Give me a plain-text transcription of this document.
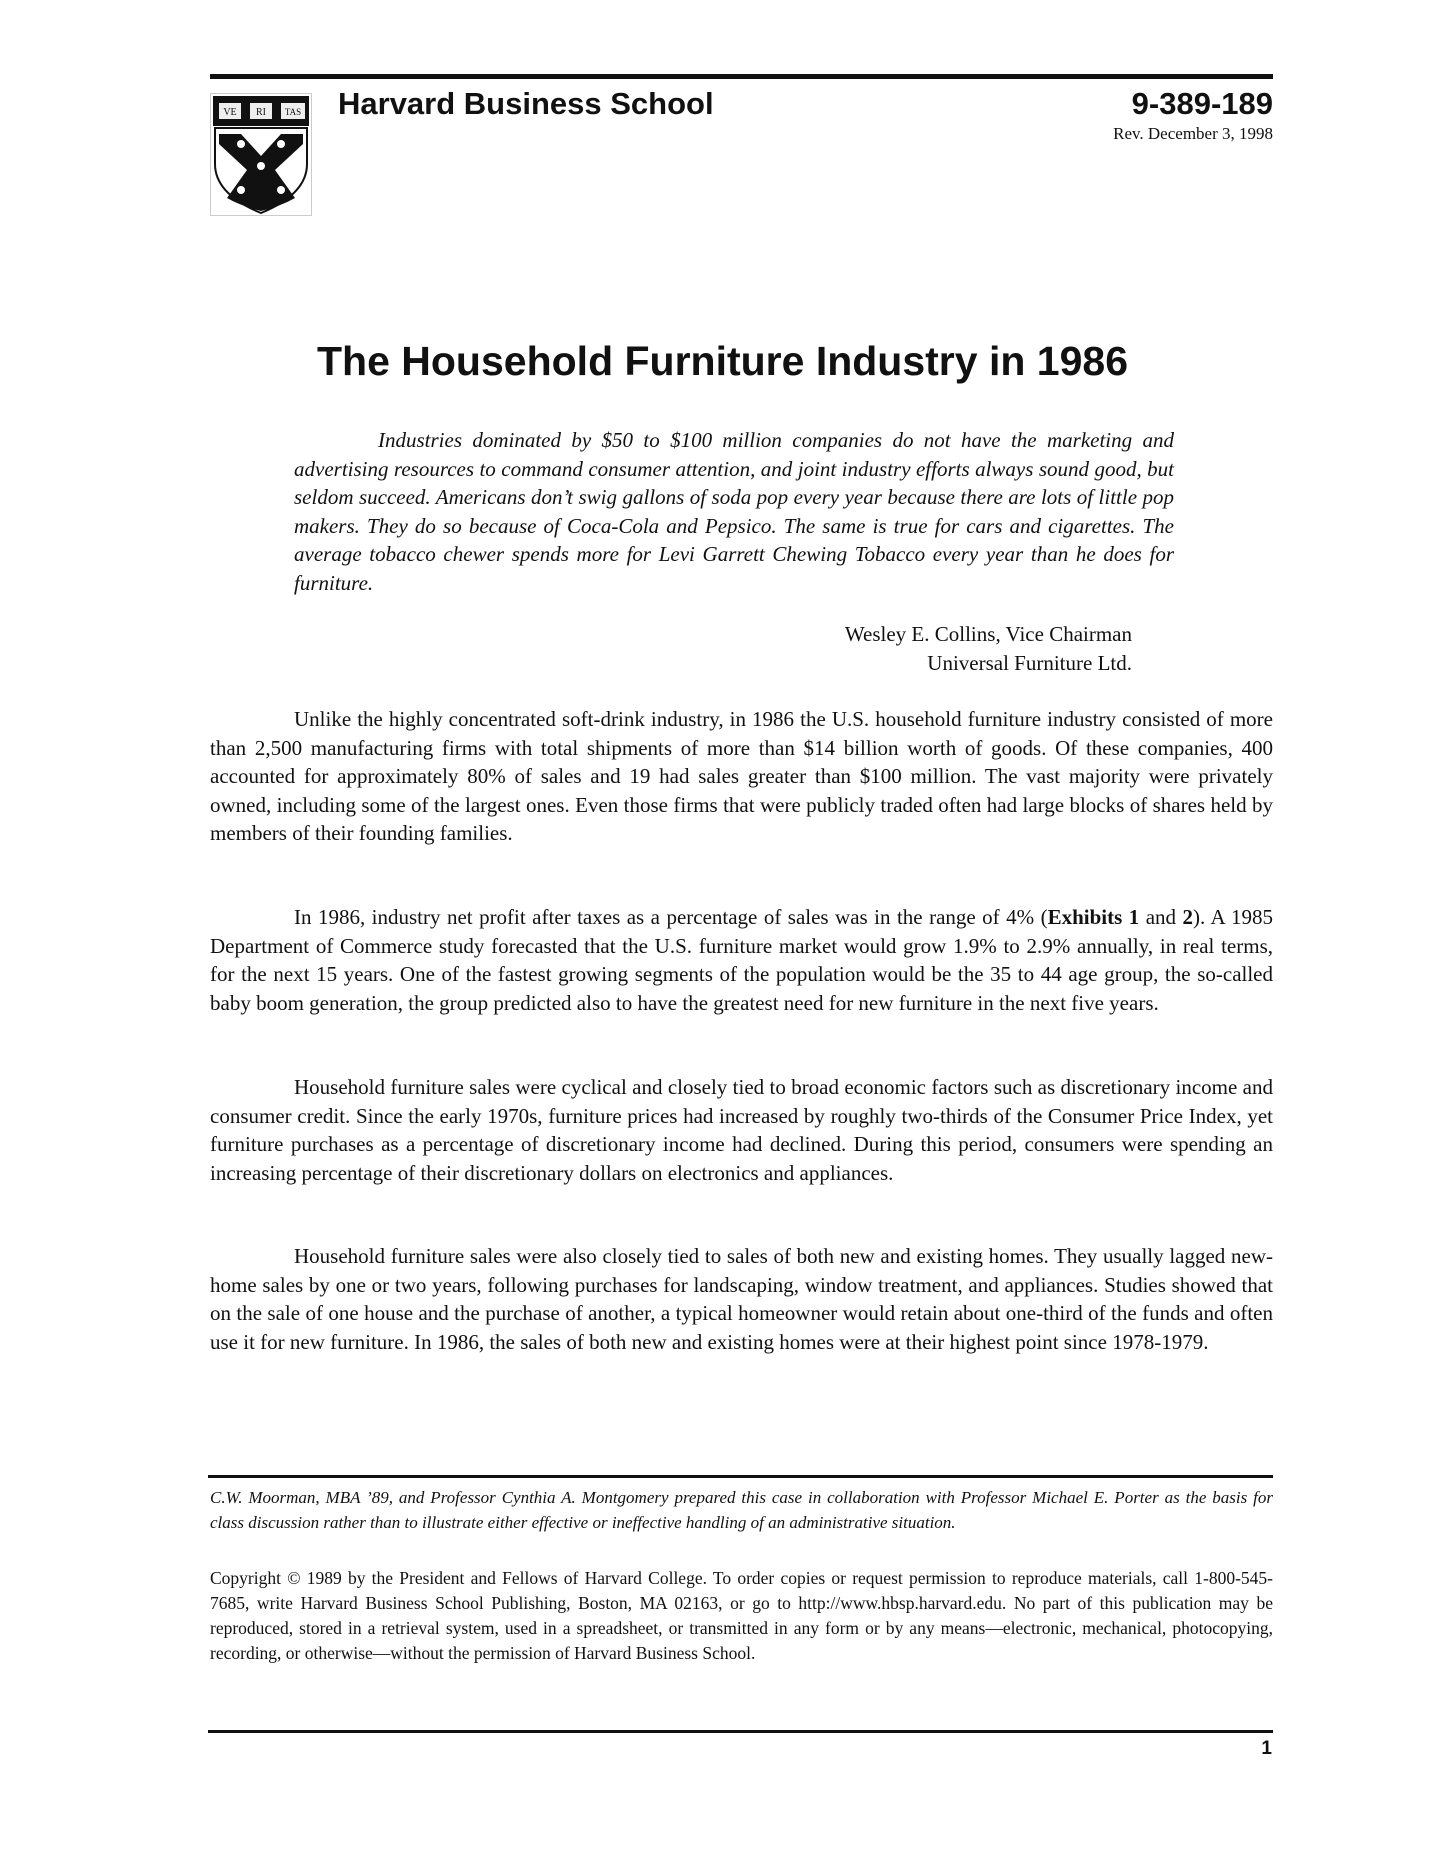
VE RI TAS Harvard Business School	9-389-189
Rev. December 3, 1998
The Household Furniture Industry in 1986
Industries dominated by $50 to $100 million companies do not have the marketing and advertising resources to command consumer attention, and joint industry efforts always sound good, but seldom succeed. Americans don’t swig gallons of soda pop every year because there are lots of little pop makers. They do so because of Coca-Cola and Pepsico. The same is true for cars and cigarettes. The average tobacco chewer spends more for Levi Garrett Chewing Tobacco every year than he does for furniture.
Wesley E. Collins, Vice Chairman
Universal Furniture Ltd.
Unlike the highly concentrated soft-drink industry, in 1986 the U.S. household furniture industry consisted of more than 2,500 manufacturing firms with total shipments of more than $14 billion worth of goods. Of these companies, 400 accounted for approximately 80% of sales and 19 had sales greater than $100 million. The vast majority were privately owned, including some of the largest ones. Even those firms that were publicly traded often had large blocks of shares held by members of their founding families.
In 1986, industry net profit after taxes as a percentage of sales was in the range of 4% (Exhibits 1 and 2). A 1985 Department of Commerce study forecasted that the U.S. furniture market would grow 1.9% to 2.9% annually, in real terms, for the next 15 years. One of the fastest growing segments of the population would be the 35 to 44 age group, the so-called baby boom generation, the group predicted also to have the greatest need for new furniture in the next five years.
Household furniture sales were cyclical and closely tied to broad economic factors such as discretionary income and consumer credit. Since the early 1970s, furniture prices had increased by roughly two-thirds of the Consumer Price Index, yet furniture purchases as a percentage of discretionary income had declined. During this period, consumers were spending an increasing percentage of their discretionary dollars on electronics and appliances.
Household furniture sales were also closely tied to sales of both new and existing homes. They usually lagged new-home sales by one or two years, following purchases for landscaping, window treatment, and appliances. Studies showed that on the sale of one house and the purchase of another, a typical homeowner would retain about one-third of the funds and often use it for new furniture. In 1986, the sales of both new and existing homes were at their highest point since 1978-1979.
C.W. Moorman, MBA ’89, and Professor Cynthia A. Montgomery prepared this case in collaboration with Professor Michael E. Porter as the basis for class discussion rather than to illustrate either effective or ineffective handling of an administrative situation.
Copyright © 1989 by the President and Fellows of Harvard College. To order copies or request permission to reproduce materials, call 1-800-545-7685, write Harvard Business School Publishing, Boston, MA 02163, or go to http://www.hbsp.harvard.edu. No part of this publication may be reproduced, stored in a retrieval system, used in a spreadsheet, or transmitted in any form or by any means—electronic, mechanical, photocopying, recording, or otherwise—without the permission of Harvard Business School.
1
